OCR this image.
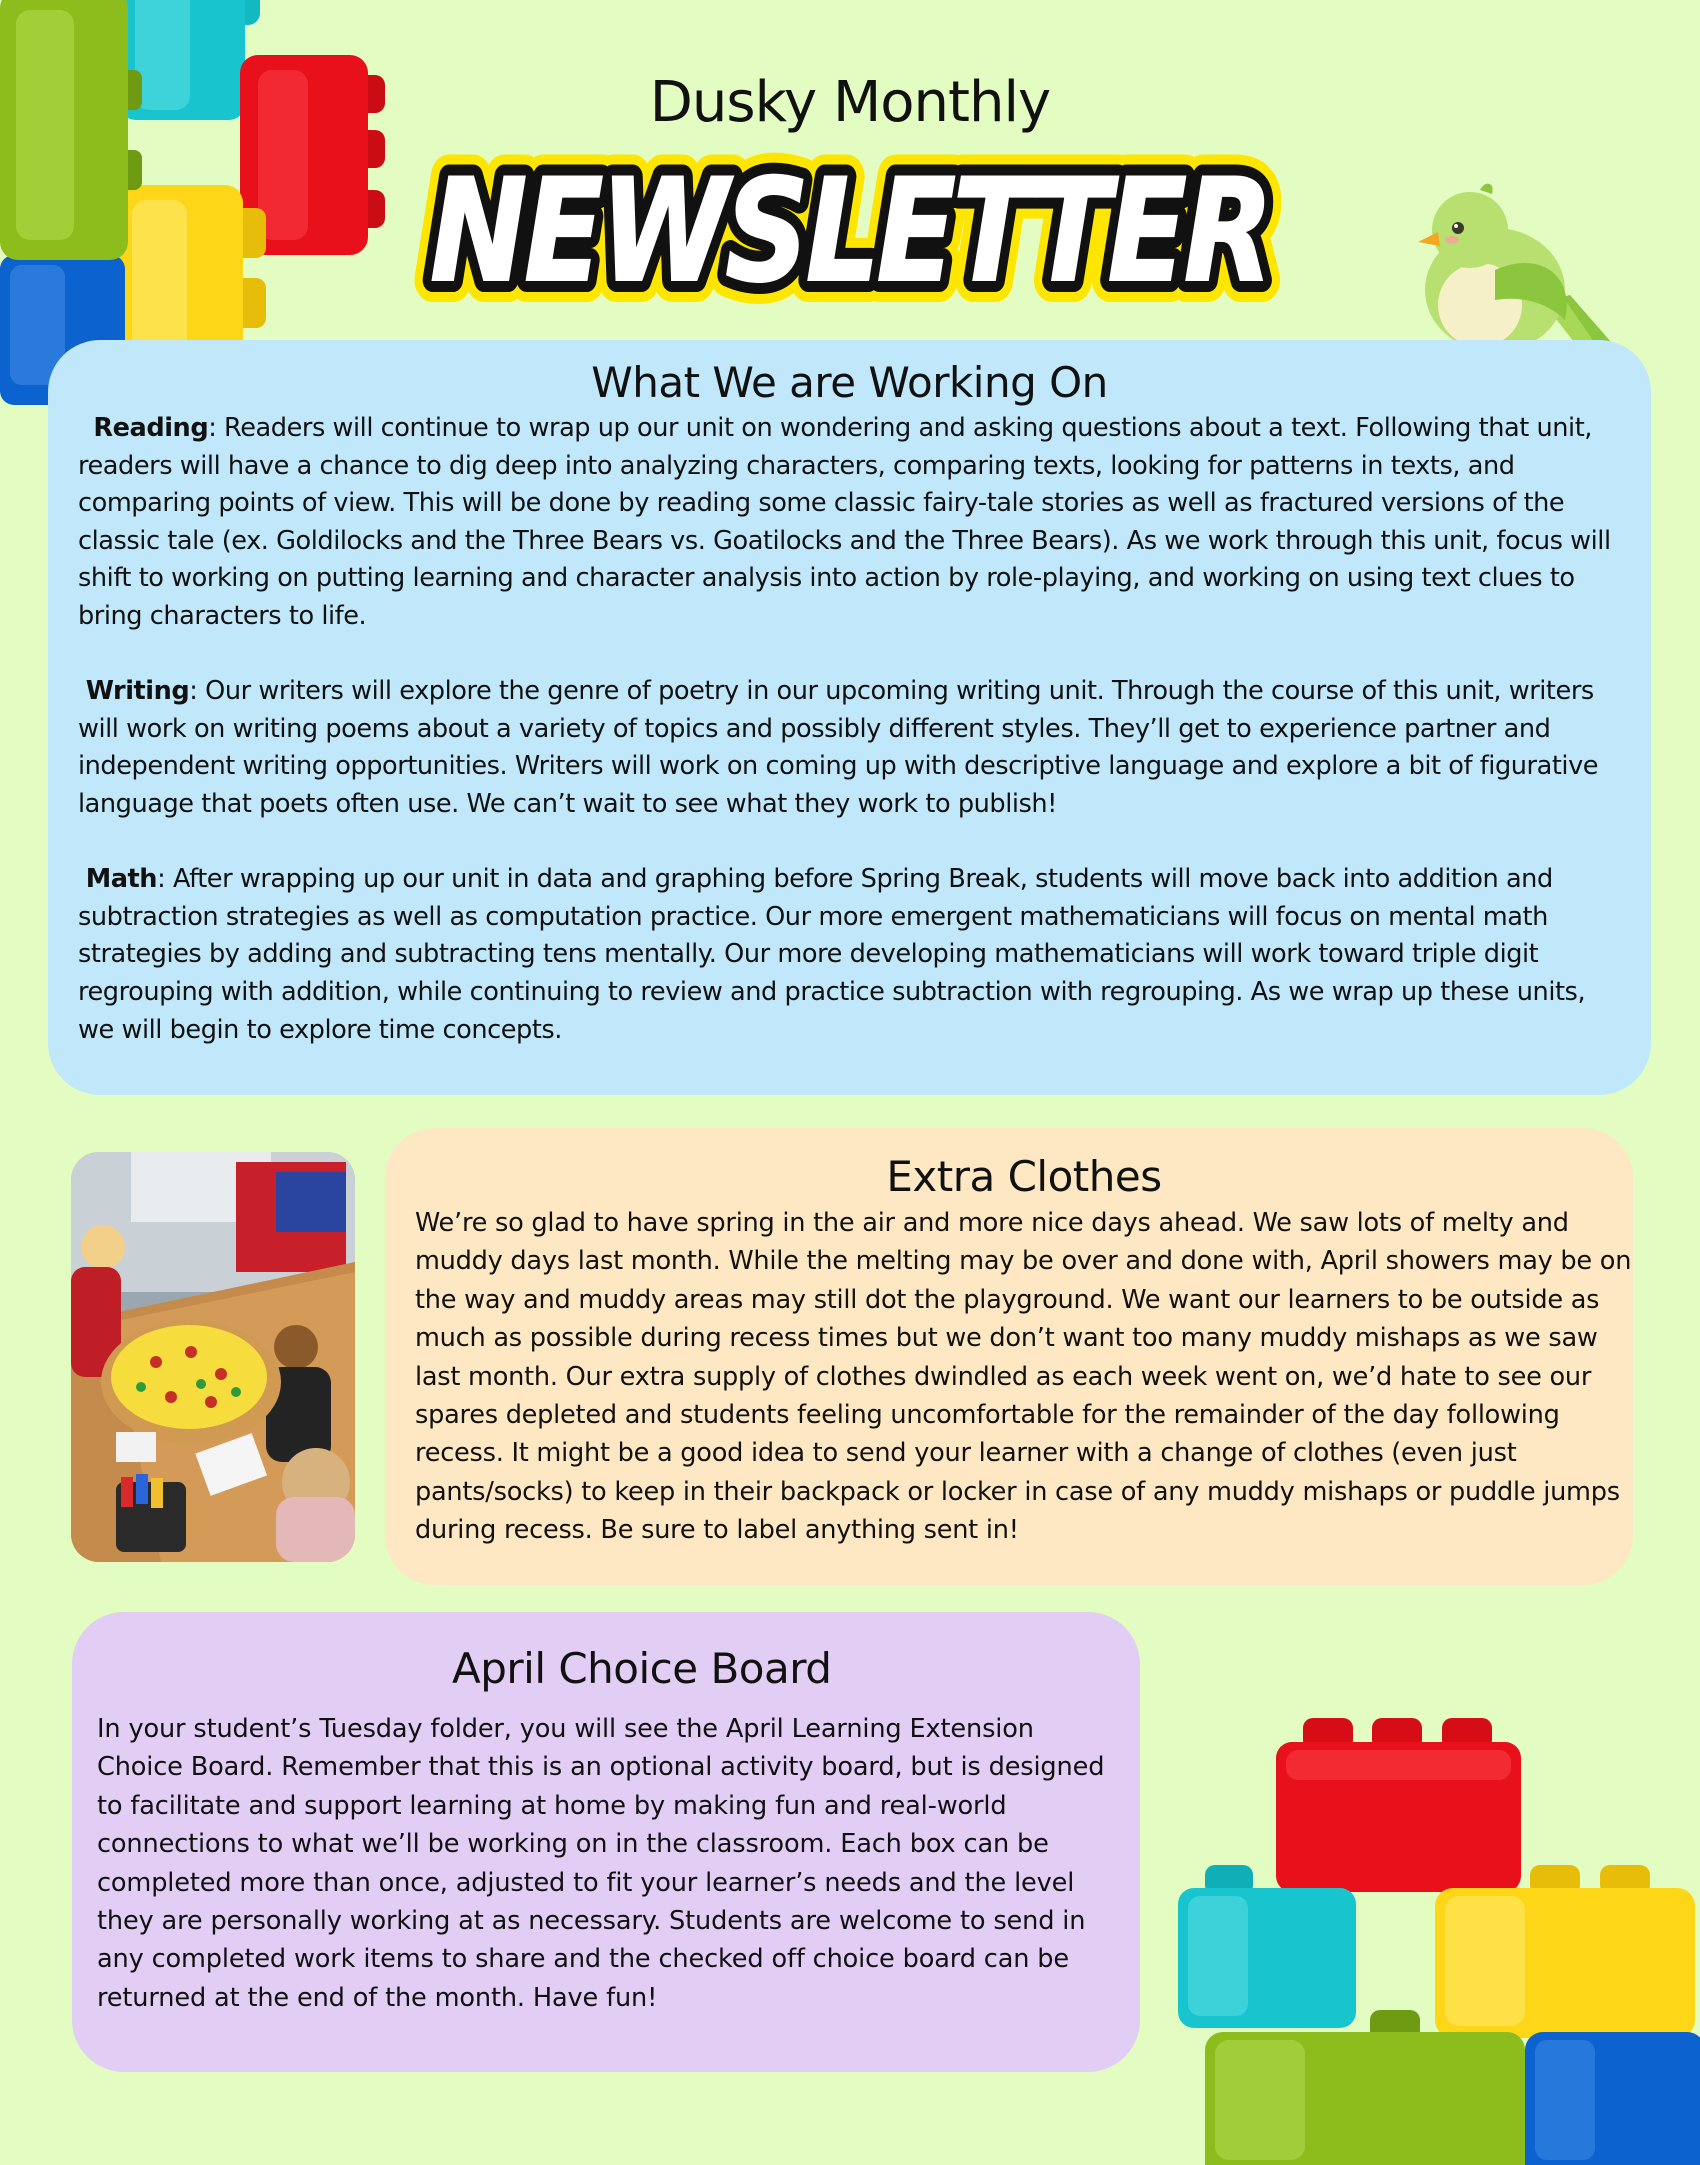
Dusky Monthly
NEWSLETTER
NEWSLETTER
NEWSLETTER
What We are Working On

Reading: Readers will continue to wrap up our unit on wondering and asking questions about a text. Following that unit, readers will have a chance to dig deep into analyzing characters, comparing texts, looking for patterns in texts, and comparing points of view. This will be done by reading some classic fairy-tale stories as well as fractured versions of the classic tale (ex. Goldilocks and the Three Bears vs. Goatilocks and the Three Bears). As we work through this unit, focus will shift to working on putting learning and character analysis into action by role-playing, and working on using text clues to bring characters to life.

Writing: Our writers will explore the genre of poetry in our upcoming writing unit. Through the course of this unit, writers will work on writing poems about a variety of topics and possibly different styles. They’ll get to experience partner and independent writing opportunities. Writers will work on coming up with descriptive language and explore a bit of figurative language that poets often use. We can’t wait to see what they work to publish!

Math: After wrapping up our unit in data and graphing before Spring Break, students will move back into addition and subtraction strategies as well as computation practice. Our more emergent mathematicians will focus on mental math strategies by adding and subtracting tens mentally. Our more developing mathematicians will work toward triple digit regrouping with addition, while continuing to review and practice subtraction with regrouping. As we wrap up these units, we will begin to explore time concepts.

Extra Clothes

We’re so glad to have spring in the air and more nice days ahead. We saw lots of melty and muddy days last month. While the melting may be over and done with, April showers may be on the way and muddy areas may still dot the playground. We want our learners to be outside as much as possible during recess times but we don’t want too many muddy mishaps as we saw last month. Our extra supply of clothes dwindled as each week went on, we’d hate to see our spares depleted and students feeling uncomfortable for the remainder of the day following recess. It might be a good idea to send your learner with a change of clothes (even just pants/socks) to keep in their backpack or locker in case of any muddy mishaps or puddle jumps during recess. Be sure to label anything sent in!

April Choice Board

In your student’s Tuesday folder, you will see the April Learning Extension Choice Board. Remember that this is an optional activity board, but is designed to facilitate and support learning at home by making fun and real-world connections to what we’ll be working on in the classroom. Each box can be completed more than once, adjusted to fit your learner’s needs and the level they are personally working at as necessary. Students are welcome to send in any completed work items to share and the checked off choice board can be returned at the end of the month. Have fun!
